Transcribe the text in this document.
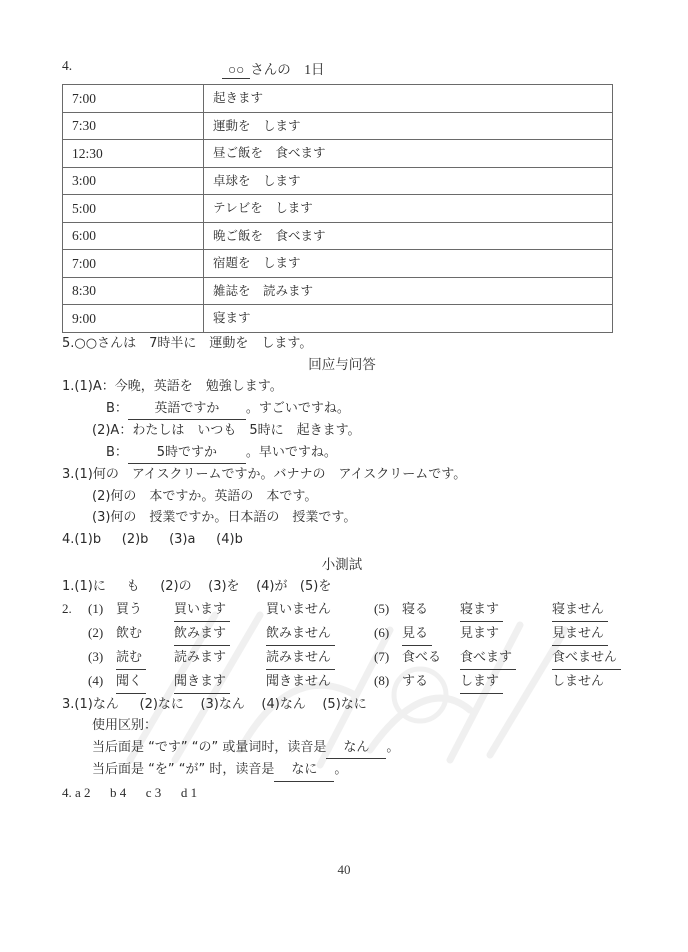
4.	○○ さんの　1日
7:00	起きます
7:30	運動を　します
12:30	昼ご飯を　食べます
3:00	卓球を　します
5:00	テレビを　します
6:00	晩ご飯を　食べます
7:00	宿題を　します
8:30	雑誌を　読みます
9:00	寝ます
5.○○さんは　7時半に　運動を　します。
回应与问答
1.(1)A：今晚，英語を　勉強します。
B： 英語ですか 。すごいですね。
(2)A：わたしは　いつも　5時に　起きます。
B： 5時ですか 。早いですね。
3.(1)何の　アイスクリームですか。バナナの　アイスクリームです。
(2)何の　本ですか。英語の　本です。
(3)何の　授業ですか。日本語の　授業です。
4.(1)b (2)b (3)a (4)b
小測試
1.(1)に も (2)の (3)を (4)が (5)を
2.	(1) 買う	買います	買いません	(5) 寝る	寝ます	寝ません
(2) 飲む	飲みます	飲みません	(6) 見る	見ます	見ません
(3) 読む	読みます	読みません	(7) 食べる	食べます	食べません
(4) 聞く	聞きます	聞きません	(8) する	します	しません
3.(1)なん (2)なに (3)なん (4)なん (5)なに
使用区别：
当后面是 “です” “の” 或量词时，读音是 なん 。
当后面是 “を” “が” 时，读音是 なに 。
4. a 2 b 4 c 3 d 1
40
